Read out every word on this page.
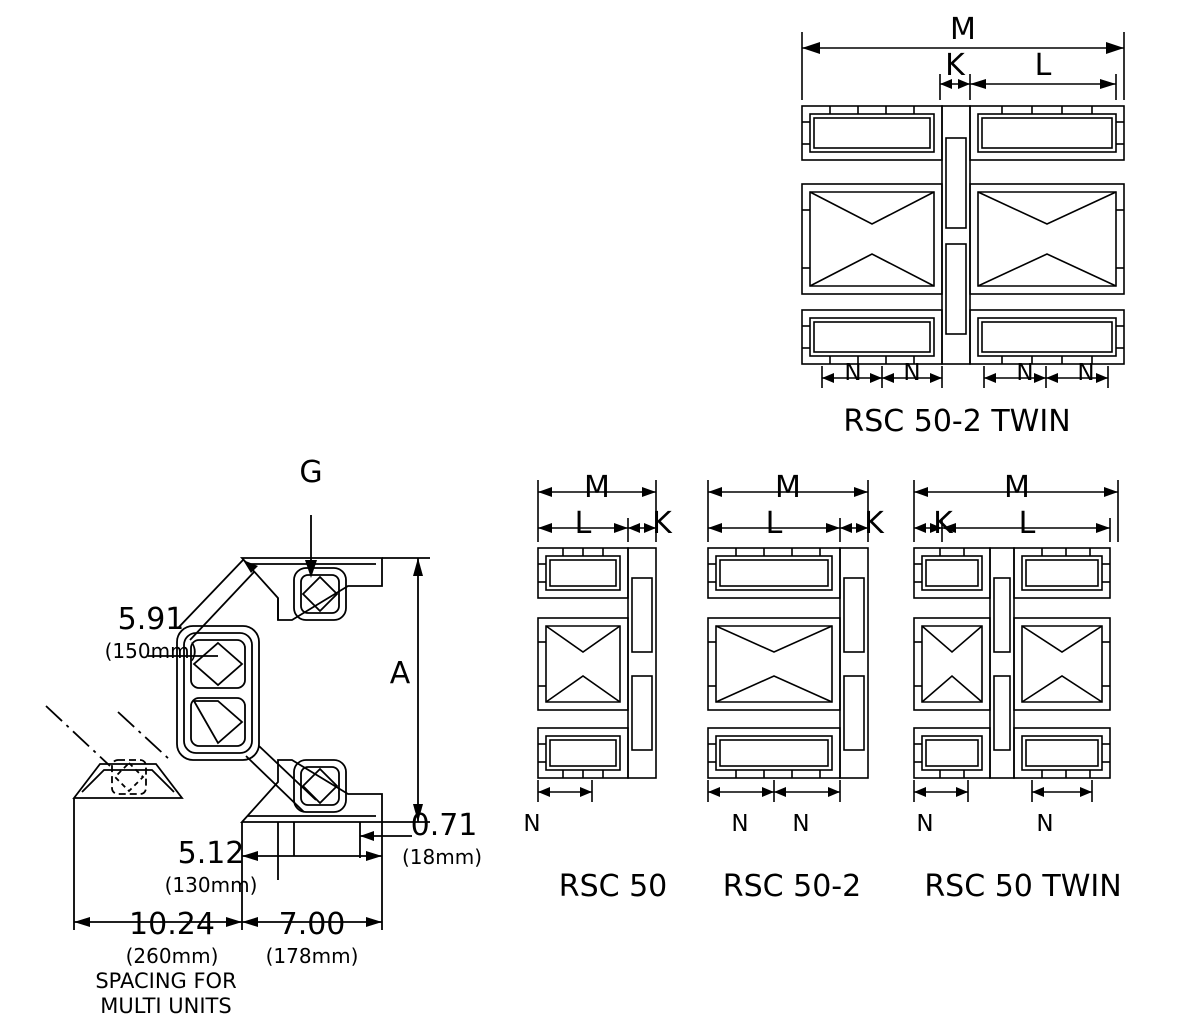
M
K L
N N	N N
RSC 50-2 TWIN
G
A
5.91
(150mm)
0.71
(18mm)
5.12
(130mm)
10.24
(260mm)
7.00
(178mm)
SPACING FOR
MULTI UNITS
M
L K
N
RSC 50
M
L	K
N N
RSC 50-2
M
K L
N	N
RSC 50 TWIN
